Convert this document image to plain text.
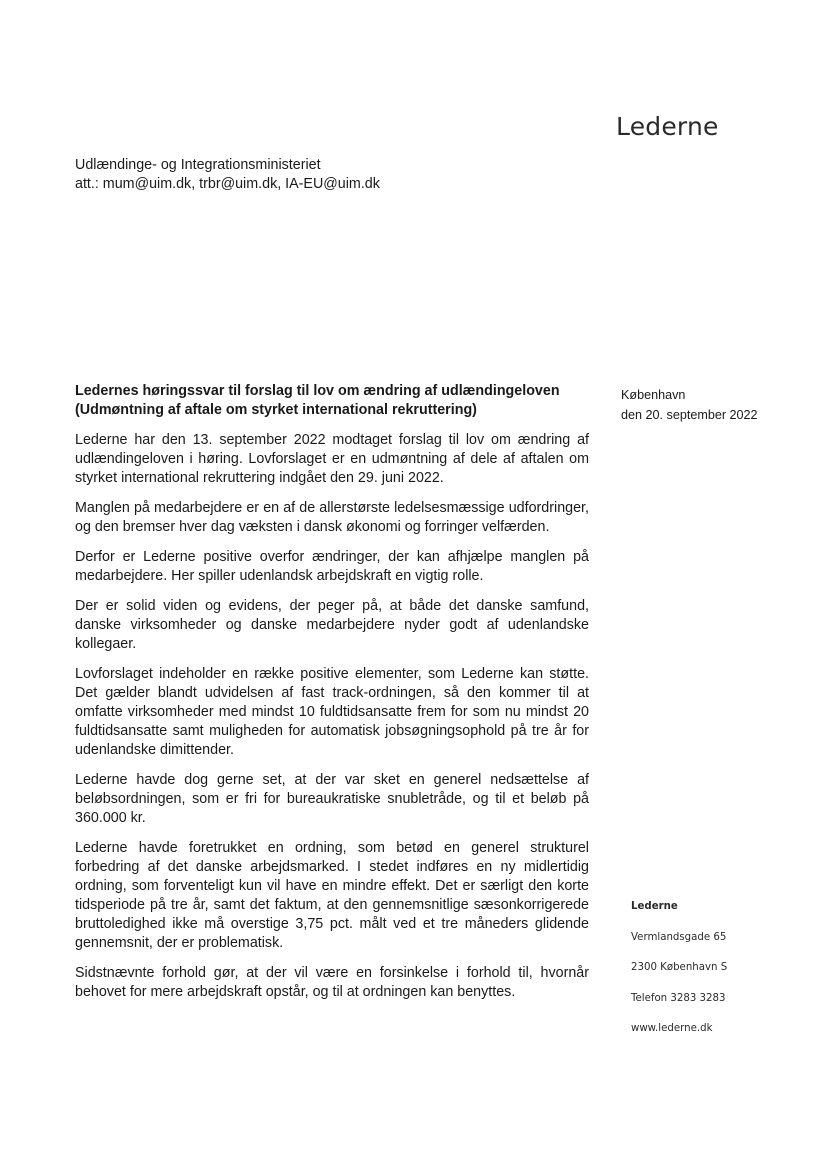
Lederne
Udlændinge- og Integrationsministeriet
att.: mum@uim.dk, trbr@uim.dk, IA-EU@uim.dk
København
den 20. september 2022
Ledernes høringssvar til forslag til lov om ændring af udlændingeloven
(Udmøntning af aftale om styrket international rekruttering)

Lederne har den 13. september 2022 modtaget forslag til lov om ændring af udlændingeloven i høring. Lovforslaget er en udmøntning af dele af aftalen om styrket international rekruttering indgået den 29. juni 2022.

Manglen på medarbejdere er en af de allerstørste ledelsesmæssige udfordringer, og den bremser hver dag væksten i dansk økonomi og forringer velfærden.

Derfor er Lederne positive overfor ændringer, der kan afhjælpe manglen på medarbejdere. Her spiller udenlandsk arbejdskraft en vigtig rolle.

Der er solid viden og evidens, der peger på, at både det danske samfund, danske virksomheder og danske medarbejdere nyder godt af udenlandske kollegaer.

Lovforslaget indeholder en række positive elementer, som Lederne kan støtte. Det gælder blandt udvidelsen af fast track-ordningen, så den kommer til at omfatte virksomheder med mindst 10 fuldtidsansatte frem for som nu mindst 20 fuldtidsansatte samt muligheden for automatisk jobsøgningsophold på tre år for udenlandske dimittender.

Lederne havde dog gerne set, at der var sket en generel nedsættelse af beløbsordningen, som er fri for bureaukratiske snubletråde, og til et beløb på 360.000 kr.

Lederne havde foretrukket en ordning, som betød en generel strukturel forbedring af det danske arbejdsmarked. I stedet indføres en ny midlertidig ordning, som forventeligt kun vil have en mindre effekt. Det er særligt den korte tidsperiode på tre år, samt det faktum, at den gennemsnitlige sæsonkorrigerede bruttoledighed ikke må overstige 3,75 pct. målt ved et tre måneders glidende gennemsnit, der er problematisk.

Sidstnævnte forhold gør, at der vil være en forsinkelse i forhold til, hvornår behovet for mere arbejdskraft opstår, og til at ordningen kan benyttes.

Lederne
Vermlandsgade 65
2300 København S
Telefon 3283 3283
www.lederne.dk
